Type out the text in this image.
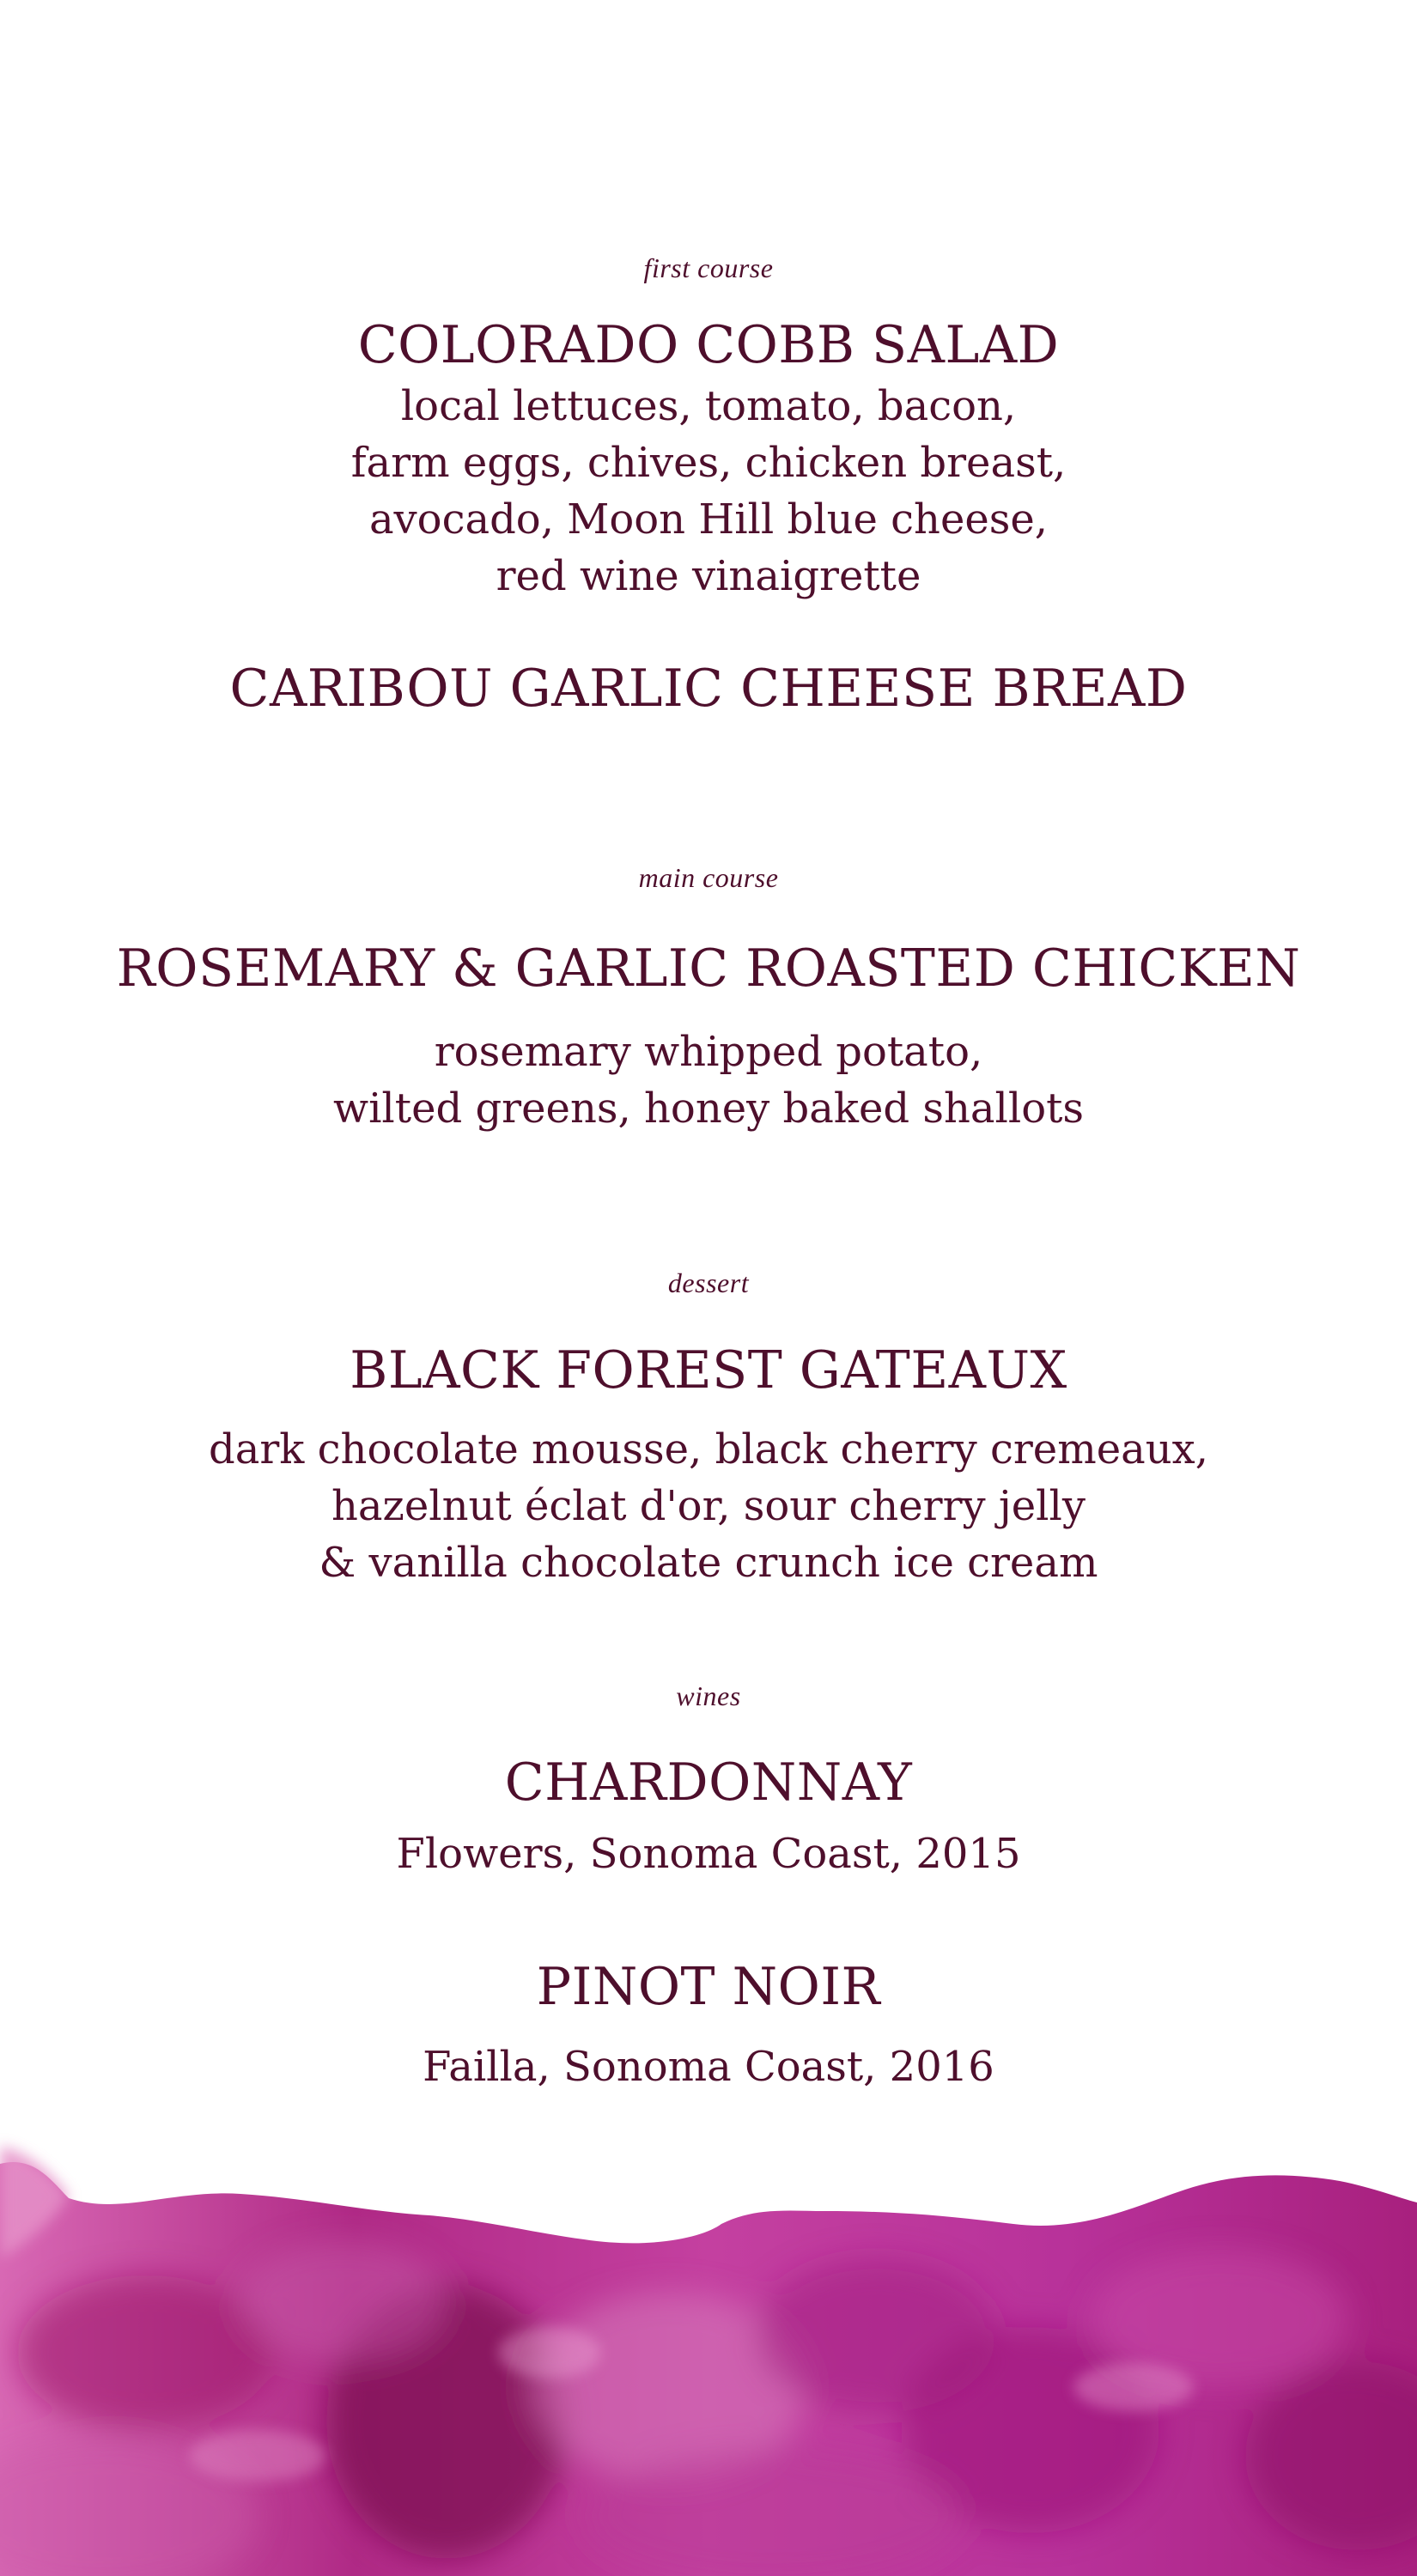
first course
COLORADO COBB SALAD
local lettuces, tomato, bacon,
farm eggs, chives, chicken breast,
avocado, Moon Hill blue cheese,
red wine vinaigrette
CARIBOU GARLIC CHEESE BREAD
main course
ROSEMARY & GARLIC ROASTED CHICKEN
rosemary whipped potato,
wilted greens, honey baked shallots
dessert
BLACK FOREST GATEAUX
dark chocolate mousse, black cherry cremeaux,
hazelnut éclat d'or, sour cherry jelly
& vanilla chocolate crunch ice cream
wines
CHARDONNAY
Flowers, Sonoma Coast, 2015
PINOT NOIR
Failla, Sonoma Coast, 2016
